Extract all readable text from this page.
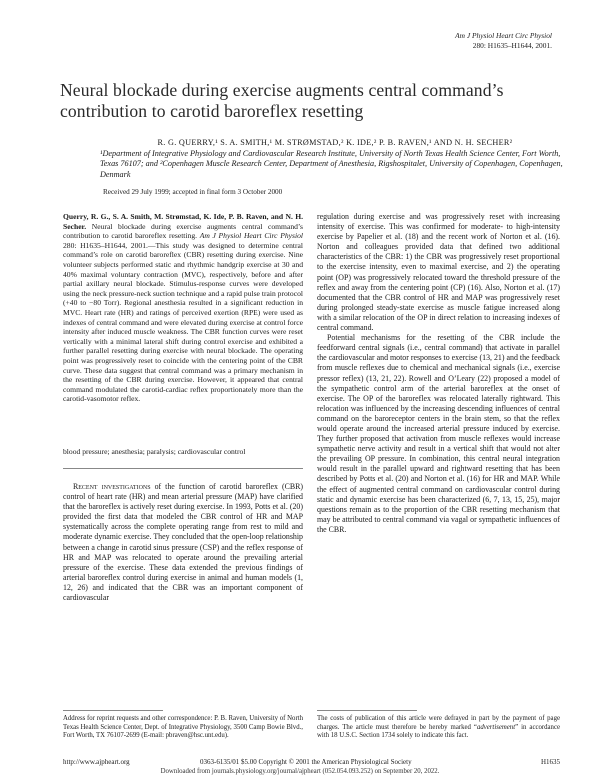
Am J Physiol Heart Circ Physiol
280: H1635–H1644, 2001.
Neural blockade during exercise augments central command’s contribution to carotid baroreflex resetting
R. G. QUERRY,¹ S. A. SMITH,¹ M. STRØMSTAD,² K. IDE,² P. B. RAVEN,¹ AND N. H. SECHER²
¹Department of Integrative Physiology and Cardiovascular Research Institute, University of North Texas Health Science Center, Fort Worth, Texas 76107; and ²Copenhagen Muscle Research Center, Department of Anesthesia, Rigshospitalet, University of Copenhagen, Copenhagen, Denmark
Received 29 July 1999; accepted in final form 3 October 2000
Querry, R. G., S. A. Smith, M. Strømstad, K. Ide, P. B. Raven, and N. H. Secher. Neural blockade during exercise augments central command’s contribution to carotid baroreflex resetting. Am J Physiol Heart Circ Physiol 280: H1635–H1644, 2001.—This study was designed to determine central command’s role on carotid baroreflex (CBR) resetting during exercise. Nine volunteer subjects performed static and rhythmic handgrip exercise at 30 and 40% maximal voluntary contraction (MVC), respectively, before and after partial axillary neural blockade. Stimulus-response curves were developed using the neck pressure-neck suction technique and a rapid pulse train protocol (+40 to −80 Torr). Regional anesthesia resulted in a significant reduction in MVC. Heart rate (HR) and ratings of perceived exertion (RPE) were used as indexes of central command and were elevated during exercise at control force intensity after induced muscle weakness. The CBR function curves were reset vertically with a minimal lateral shift during control exercise and exhibited a further parallel resetting during exercise with neural blockade. The operating point was progressively reset to coincide with the centering point of the CBR curve. These data suggest that central command was a primary mechanism in the resetting of the CBR during exercise. However, it appeared that central command modulated the carotid-cardiac reflex proportionately more than the carotid-vasomotor reflex.
blood pressure; anesthesia; paralysis; cardiovascular control

Recent investigations of the function of carotid baroreflex (CBR) control of heart rate (HR) and mean arterial pressure (MAP) have clarified that the baroreflex is actively reset during exercise. In 1993, Potts et al. (20) provided the first data that modeled the CBR control of HR and MAP systematically across the complete operating range from rest to mild and moderate dynamic exercise. They concluded that the open-loop relationship between a change in carotid sinus pressure (CSP) and the reflex response of HR and MAP was relocated to operate around the prevailing arterial pressure of the exercise. These data extended the previous findings of arterial baroreflex control during exercise in animal and human models (1, 12, 26) and indicated that the CBR was an important component of cardiovascular

regulation during exercise and was progressively reset with increasing intensity of exercise. This was confirmed for moderate- to high-intensity exercise by Papelier et al. (18) and the recent work of Norton et al. (16). Norton and colleagues provided data that defined two additional characteristics of the CBR: 1) the CBR was progressively reset proportional to the exercise intensity, even to maximal exercise, and 2) the operating point (OP) was progressively relocated toward the threshold pressure of the reflex and away from the centering point (CP) (16). Also, Norton et al. (17) documented that the CBR control of HR and MAP was progressively reset during prolonged steady-state exercise as muscle fatigue increased along with a similar relocation of the OP in direct relation to increasing indexes of central command.

Potential mechanisms for the resetting of the CBR include the feedforward central signals (i.e., central command) that activate in parallel the cardiovascular and motor responses to exercise (13, 21) and the feedback from muscle reflexes due to chemical and mechanical signals (i.e., exercise pressor reflex) (13, 21, 22). Rowell and O’Leary (22) proposed a model of the sympathetic control arm of the arterial baroreflex at the onset of exercise. The OP of the baroreflex was relocated laterally rightward. This relocation was influenced by the increasing descending influences of central command on the baroreceptor centers in the brain stem, so that the reflex would operate around the increased arterial pressure induced by exercise. They further proposed that activation from muscle reflexes would increase sympathetic nerve activity and result in a vertical shift that would not alter the prevailing OP pressure. In combination, this central neural integration would result in the parallel upward and rightward resetting that has been described by Potts et al. (20) and Norton et al. (16) for HR and MAP. While the effect of augmented central command on cardiovascular control during static and dynamic exercise has been characterized (6, 7, 13, 15, 25), major questions remain as to the proportion of the CBR resetting mechanism that may be attributed to central command via vagal or sympathetic influences of the CBR.

Address for reprint requests and other correspondence: P. B. Raven, University of North Texas Health Science Center, Dept. of Integrative Physiology, 3500 Camp Bowie Blvd., Fort Worth, TX 76107-2699 (E-mail: pbraven@hsc.unt.edu).
The costs of publication of this article were defrayed in part by the payment of page charges. The article must therefore be hereby marked “advertisement” in accordance with 18 U.S.C. Section 1734 solely to indicate this fact.
http://www.ajpheart.org	0363-6135/01 $5.00 Copyright © 2001 the American Physiological Society	H1635
Downloaded from journals.physiology.org/journal/ajpheart (052.054.093.252) on September 20, 2022.
